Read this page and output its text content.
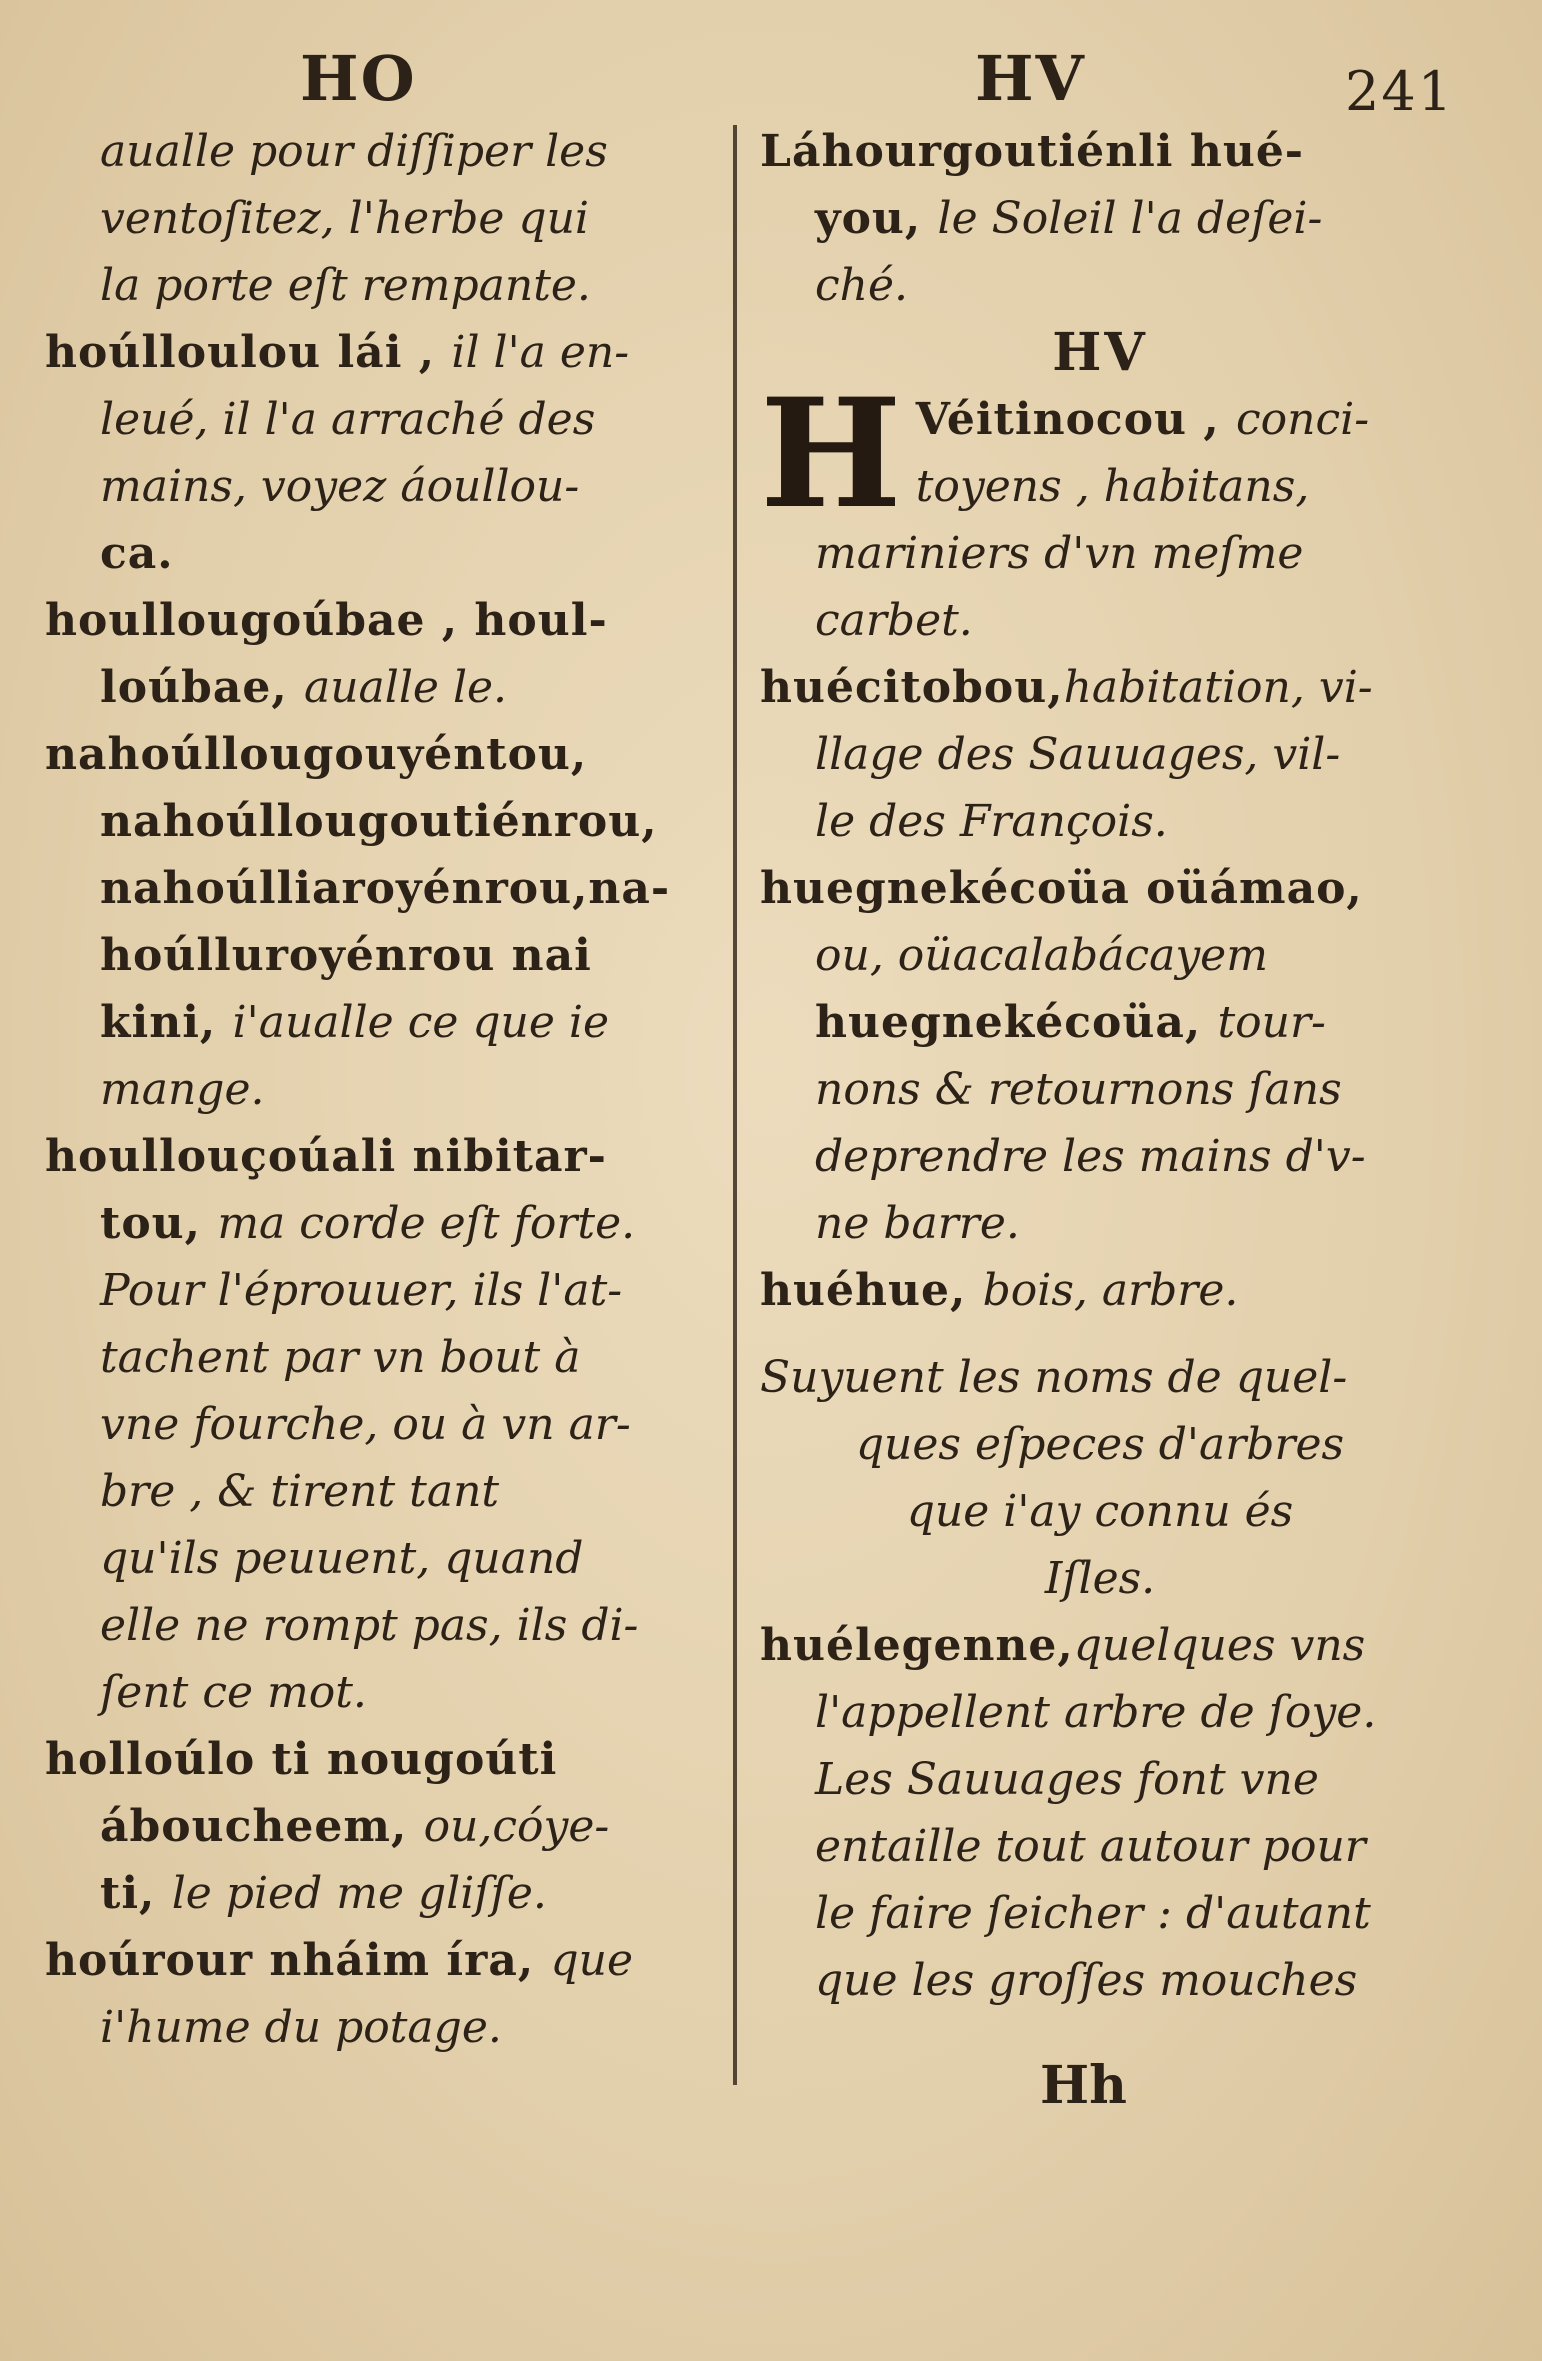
HO	HV	241
aualle pour diſſiper les
ventoſitez, l'herbe qui
la porte eſt rempante.
hoúlloulou lái , il l'a en-
leué, il l'a arraché des
mains, voyez áoullou-
ca.
houllougoúbae , houl-
loúbae, aualle le.
nahoúllougouyéntou,
nahoúllougoutiénrou,
nahoúlliaroyénrou,na-
hoúlluroyénrou nai
kini, i'aualle ce que ie
mange.
houllouçoúali nibitar-
tou, ma corde eſt forte.
Pour l'éprouuer, ils l'at-
tachent par vn bout à
vne fourche, ou à vn ar-
bre , & tirent tant
qu'ils peuuent, quand
elle ne rompt pas, ils di-
ſent ce mot.
holloúlo ti nougoúti
ábouchеem, ou,cóye-
ti, le pied me gliſſe.
hoúrour nháim íra, que
i'hume du potage.
Láhourgoutiénli hué-
you, le Soleil l'a deſei-
ché.
HV
H Véitinocou , conci-
toyens , habitans,
mariniers d'vn meſme
carbet.
huécitobou,habitation, vi-
llage des Sauuages, vil-
le des François.
huegnekécoüa oüámao,
ou, oüacalabácayem
huegnekécoüa, tour-
nons & retournons ſans
deprendre les mains d'v-
ne barre.
huéhue, bois, arbre.
Suyuent les noms de quel-
ques eſpeces d'arbres
que i'ay connu és
Iſles.
huélegenne,quelques vns
l'appellent arbre de ſoye.
Les Sauuages font vne
entaille tout autour pour
le faire ſeicher : d'autant
que les groſſes mouches
Hh
